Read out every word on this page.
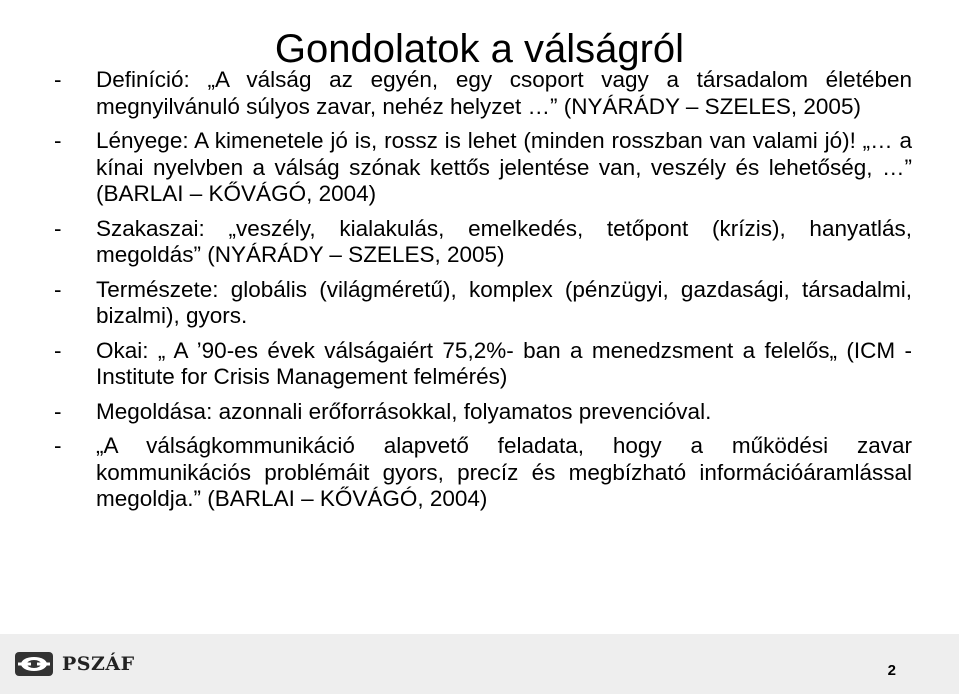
Gondolatok a válságról
- Definíció: „A válság az egyén, egy csoport vagy a társadalom életében megnyilvánuló súlyos zavar, nehéz helyzet …” (NYÁRÁDY – SZELES, 2005)
- Lényege: A kimenetele jó is, rossz is lehet (minden rosszban van valami jó)! „… a kínai nyelvben a válság szónak kettős jelentése van, veszély és lehetőség, …” (BARLAI – KŐVÁGÓ, 2004)
- Szakaszai: „veszély, kialakulás, emelkedés, tetőpont (krízis), hanyatlás, megoldás” (NYÁRÁDY – SZELES, 2005)
- Természete: globális (világméretű), komplex (pénzügyi, gazdasági, társadalmi, bizalmi), gyors.
- Okai: „ A ’90-es évek válságaiért 75,2%- ban a menedzsment a felelős„ (ICM - Institute for Crisis Management felmérés)
- Megoldása: azonnali erőforrásokkal, folyamatos prevencióval.
- „A válságkommunikáció alapvető feladata, hogy a működési zavar kommunikációs problémáit gyors, precíz és megbízható információáramlással megoldja.” (BARLAI – KŐVÁGÓ, 2004)
PSZÁF	2
